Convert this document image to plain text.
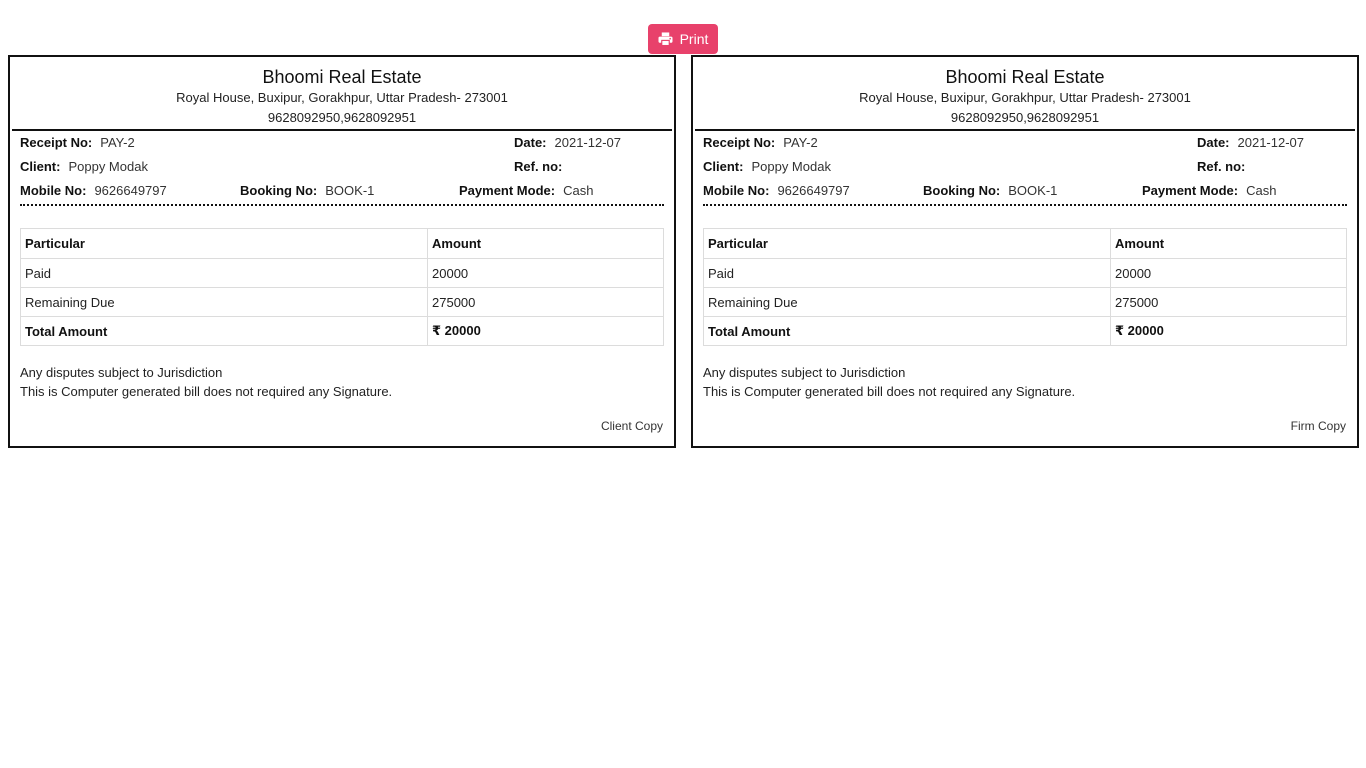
Print
Bhoomi Real Estate
Royal House, Buxipur, Gorakhpur, Uttar Pradesh- 273001
9628092950,9628092951
Receipt No: PAY-2	Date: 2021-12-07
Client: Poppy Modak	Ref. no:
Mobile No: 9626649797	Booking No: BOOK-1	Payment Mode: Cash
Particular	Amount
Paid	20000
Remaining Due	275000
Total Amount	₹ 20000
Any disputes subject to Jurisdiction
This is Computer generated bill does not required any Signature.
Client Copy
Bhoomi Real Estate
Royal House, Buxipur, Gorakhpur, Uttar Pradesh- 273001
9628092950,9628092951
Receipt No: PAY-2	Date: 2021-12-07
Client: Poppy Modak	Ref. no:
Mobile No: 9626649797	Booking No: BOOK-1	Payment Mode: Cash
Particular	Amount
Paid	20000
Remaining Due	275000
Total Amount	₹ 20000
Any disputes subject to Jurisdiction
This is Computer generated bill does not required any Signature.
Firm Copy
